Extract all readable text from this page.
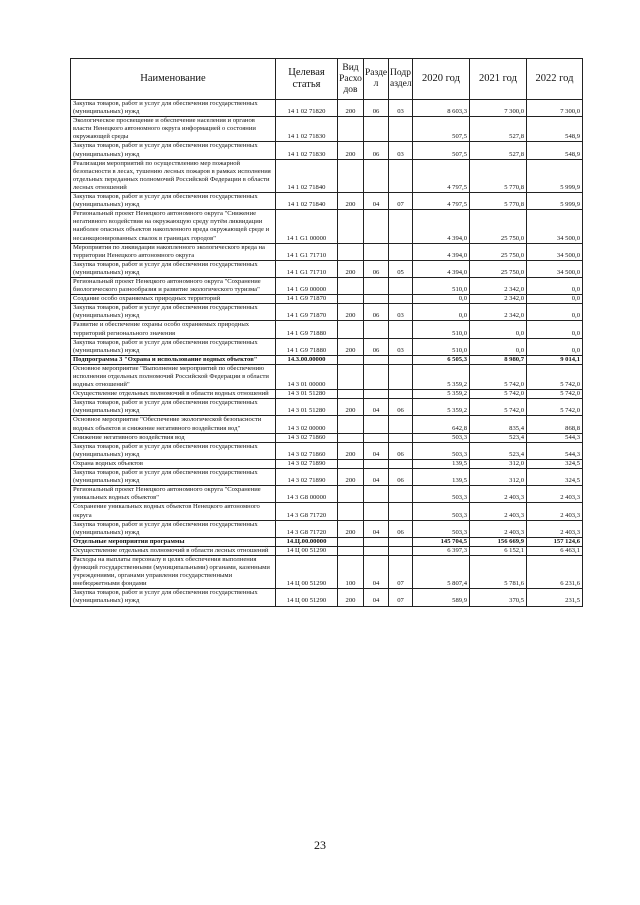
Наименование	Целевая статья	Вид Расхо дов	Разде л	Подр аздел	2020 год	2021 год	2022 год
Закупка товаров, работ и услуг для обеспечения государственных (муниципальных) нужд	14 1 02 71820	200	06	03	8 603,3	7 300,0	7 300,0
Экологическое просвещение и обеспечение населения и органов власти Ненецкого автономного округа информацией о состоянии окружающей среды	14 1 02 71830				507,5	527,8	548,9
Закупка товаров, работ и услуг для обеспечения государственных (муниципальных) нужд	14 1 02 71830	200	06	03	507,5	527,8	548,9
Реализация мероприятий по осуществлению мер пожарной безопасности в лесах, тушению лесных пожаров в рамках исполнения отдельных переданных полномочий Российской Федерации в области лесных отношений	14 1 02 71840				4 797,5	5 770,8	5 999,9
Закупка товаров, работ и услуг для обеспечения государственных (муниципальных) нужд	14 1 02 71840	200	04	07	4 797,5	5 770,8	5 999,9
Региональный проект Ненецкого автономного округа "Снижение негативного воздействия на окружающую среду путём ликвидации наиболее опасных объектов накопленного вреда окружающей среде и несанкционированных свалок в границах городов"	14 1 G1 00000				4 394,0	25 750,0	34 500,0
Мероприятия по ликвидации накопленного экологического вреда на территории Ненецкого автономного округа	14 1 G1 71710				4 394,0	25 750,0	34 500,0
Закупка товаров, работ и услуг для обеспечения государственных (муниципальных) нужд	14 1 G1 71710	200	06	05	4 394,0	25 750,0	34 500,0
Региональный проект Ненецкого автономного округа "Сохранение биологического разнообразия и развитие экологического туризма"	14 1 G9 00000				510,0	2 342,0	0,0
Создание особо охраняемых природных территорий	14 1 G9 71870				0,0	2 342,0	0,0
Закупка товаров, работ и услуг для обеспечения государственных (муниципальных) нужд	14 1 G9 71870	200	06	03	0,0	2 342,0	0,0
Развитие и обеспечение охраны особо охраняемых природных территорий регионального значения	14 1 G9 71880				510,0	0,0	0,0
Закупка товаров, работ и услуг для обеспечения государственных (муниципальных) нужд	14 1 G9 71880	200	06	03	510,0	0,0	0,0
Подпрограмма 3 "Охрана и использование водных объектов"	14.3.00.00000				6 505,3	8 980,7	9 014,1
Основное мероприятие "Выполнение мероприятий по обеспечению исполнения отдельных полномочий Российской Федерации в области водных отношений"	14 3 01 00000				5 359,2	5 742,0	5 742,0
Осуществление отдельных полномочий в области водных отношений	14 3 01 51280				5 359,2	5 742,0	5 742,0
Закупка товаров, работ и услуг для обеспечения государственных (муниципальных) нужд	14 3 01 51280	200	04	06	5 359,2	5 742,0	5 742,0
Основное мероприятие "Обеспечение экологической безопасности водных объектов и снижение негативного воздействия вод"	14 3 02 00000				642,8	835,4	868,8
Снижение негативного воздействия вод	14 3 02 71860				503,3	523,4	544,3
Закупка товаров, работ и услуг для обеспечения государственных (муниципальных) нужд	14 3 02 71860	200	04	06	503,3	523,4	544,3
Охрана водных объектов	14 3 02 71890				139,5	312,0	324,5
Закупка товаров, работ и услуг для обеспечения государственных (муниципальных) нужд	14 3 02 71890	200	04	06	139,5	312,0	324,5
Региональный проект Ненецкого автономного округа "Сохранение уникальных водных объектов"	14 3 G8 00000				503,3	2 403,3	2 403,3
Сохранение уникальных водных объектов Ненецкого автономного округа	14 3 G8 71720				503,3	2 403,3	2 403,3
Закупка товаров, работ и услуг для обеспечения государственных (муниципальных) нужд	14 3 G8 71720	200	04	06	503,3	2 403,3	2 403,3
Отдельные мероприятия программы	14.Ц.00.00000				145 704,5	156 669,9	157 124,6
Осуществление отдельных полномочий в области лесных отношений	14 Ц 00 51290				6 397,3	6 152,1	6 463,1
Расходы на выплаты персоналу в целях обеспечения выполнения функций государственными (муниципальными) органами, казенными учреждениями, органами управления государственными внебюджетными фондами	14 Ц 00 51290	100	04	07	5 807,4	5 781,6	6 231,6
Закупка товаров, работ и услуг для обеспечения государственных (муниципальных) нужд	14 Ц 00 51290	200	04	07	589,9	370,5	231,5
23
